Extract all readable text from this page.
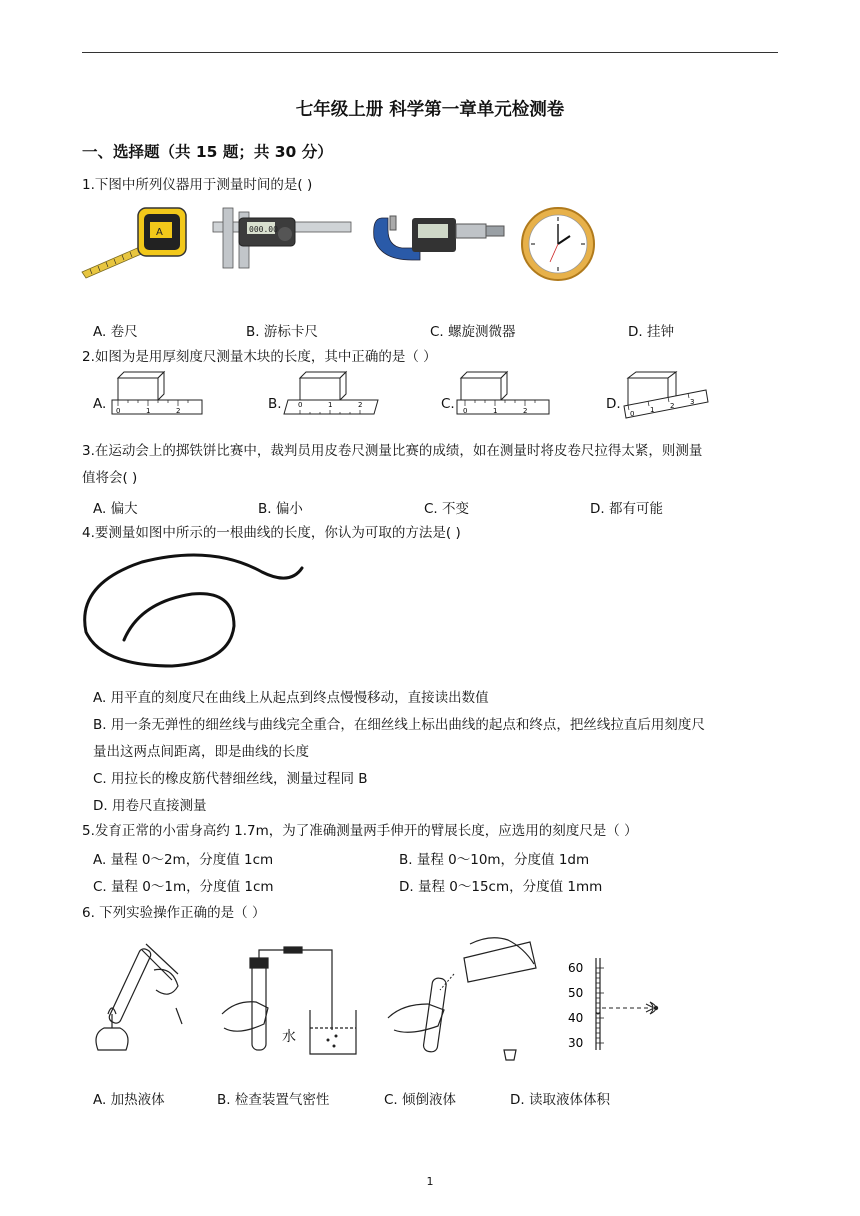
七年级上册 科学第一章单元检测卷
一、选择题（共 15 题；共 30 分）
1.下图中所列仪器用于测量时间的是( )
A	000.00
A. 卷尺	B. 游标卡尺	C. 螺旋测微器	D. 挂钟
2.如图为是用厚刻度尺测量木块的长度，其中正确的是（ ）
A. 0	1	2	B. 0	1	2	C. 0	1	2	D.
0 1 2 3
3.在运动会上的掷铁饼比赛中，裁判员用皮卷尺测量比赛的成绩，如在测量时将皮卷尺拉得太紧，则测量
值将会( )
A. 偏大	B. 偏小	C. 不变	D. 都有可能
4.要测量如图中所示的一根曲线的长度，你认为可取的方法是( )
A. 用平直的刻度尺在曲线上从起点到终点慢慢移动，直接读出数值
B. 用一条无弹性的细丝线与曲线完全重合，在细丝线上标出曲线的起点和终点，把丝线拉直后用刻度尺
量出这两点间距离，即是曲线的长度
C. 用拉长的橡皮筋代替细丝线，测量过程同 B
D. 用卷尺直接测量
5.发育正常的小雷身高约 1.7m，为了准确测量两手伸开的臂展长度，应选用的刻度尺是（ ）
A. 量程 0～2m，分度值 1cm	B. 量程 0～10m，分度值 1dm
C. 量程 0～1m，分度值 1cm	D. 量程 0～15cm，分度值 1mm
6. 下列实验操作正确的是（ ）
水
60
50
40
30
A. 加热液体	B. 检查装置气密性	C. 倾倒液体	D. 读取液体体积
1
